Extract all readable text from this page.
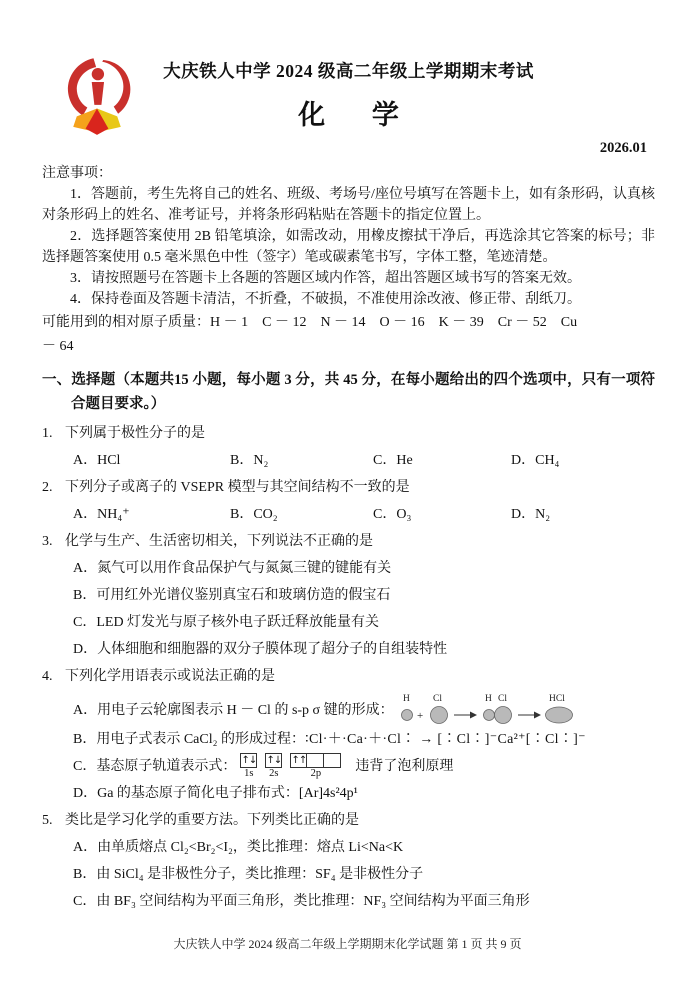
大庆铁人中学 2024 级高二年级上学期期末考试
化 学
2026.01

注意事项：

1．答题前，考生先将自己的姓名、班级、考场号/座位号填写在答题卡上，如有条形码，认真核对条形码上的姓名、准考证号，并将条形码粘贴在答题卡的指定位置上。

2．选择题答案使用 2B 铅笔填涂，如需改动，用橡皮擦拭干净后，再选涂其它答案的标号；非选择题答案使用 0.5 毫米黑色中性（签字）笔或碳素笔书写，字体工整，笔迹清楚。

3．请按照题号在答题卡上各题的答题区域内作答，超出答题区域书写的答案无效。

4．保持卷面及答题卡清洁，不折叠，不破损，不准使用涂改液、修正带、刮纸刀。

可能用到的相对原子质量：H － 1　C － 12　N － 14　O － 16　K － 39　Cr － 52　Cu

－ 64

一、选择题（本题共15 小题，每小题 3 分，共 45 分，在每小题给出的四个选项中，只有一项符合题目要求。）

1. 下列属于极性分子的是

A．HCl	B．N₂	C．He	D．CH₄

2. 下列分子或离子的 VSEPR 模型与其空间结构不一致的是

A．NH₄⁺	B．CO₂	C．O₃	D．N₂

3. 化学与生产、生活密切相关，下列说法不正确的是

A．氮气可以用作食品保护气与氮氮三键的键能有关

B．可用红外光谱仪鉴别真宝石和玻璃仿造的假宝石

C．LED 灯发光与原子核外电子跃迁释放能量有关

D．人体细胞和细胞器的双分子膜体现了超分子的自组装特性

4. 下列化学用语表示或说法正确的是

A．用电子云轮廓图表示 H － Cl 的 s-p σ 键的形成：
H Cl
+
H Cl	HCl

B．用电子式表示 CaCl₂ 的形成过程：∶Cl·＋·Ca·＋·Cl∶ → [∶Cl∶]⁻Ca²⁺[∶Cl∶]⁻

C．基态原子轨道表示式： ↑↓
1s
↑↓
2s
↑↑
2p 违背了泡利原理

D．Ga 的基态原子简化电子排布式：[Ar]4s²4p¹

5. 类比是学习化学的重要方法。下列类比正确的是

A．由单质熔点 Cl₂<Br₂<I₂，类比推理：熔点 Li<Na<K

B．由 SiCl₄ 是非极性分子，类比推理：SF₄ 是非极性分子

C．由 BF₃ 空间结构为平面三角形，类比推理：NF₃ 空间结构为平面三角形

大庆铁人中学 2024 级高二年级上学期期末化学试题 第 1 页 共 9 页
